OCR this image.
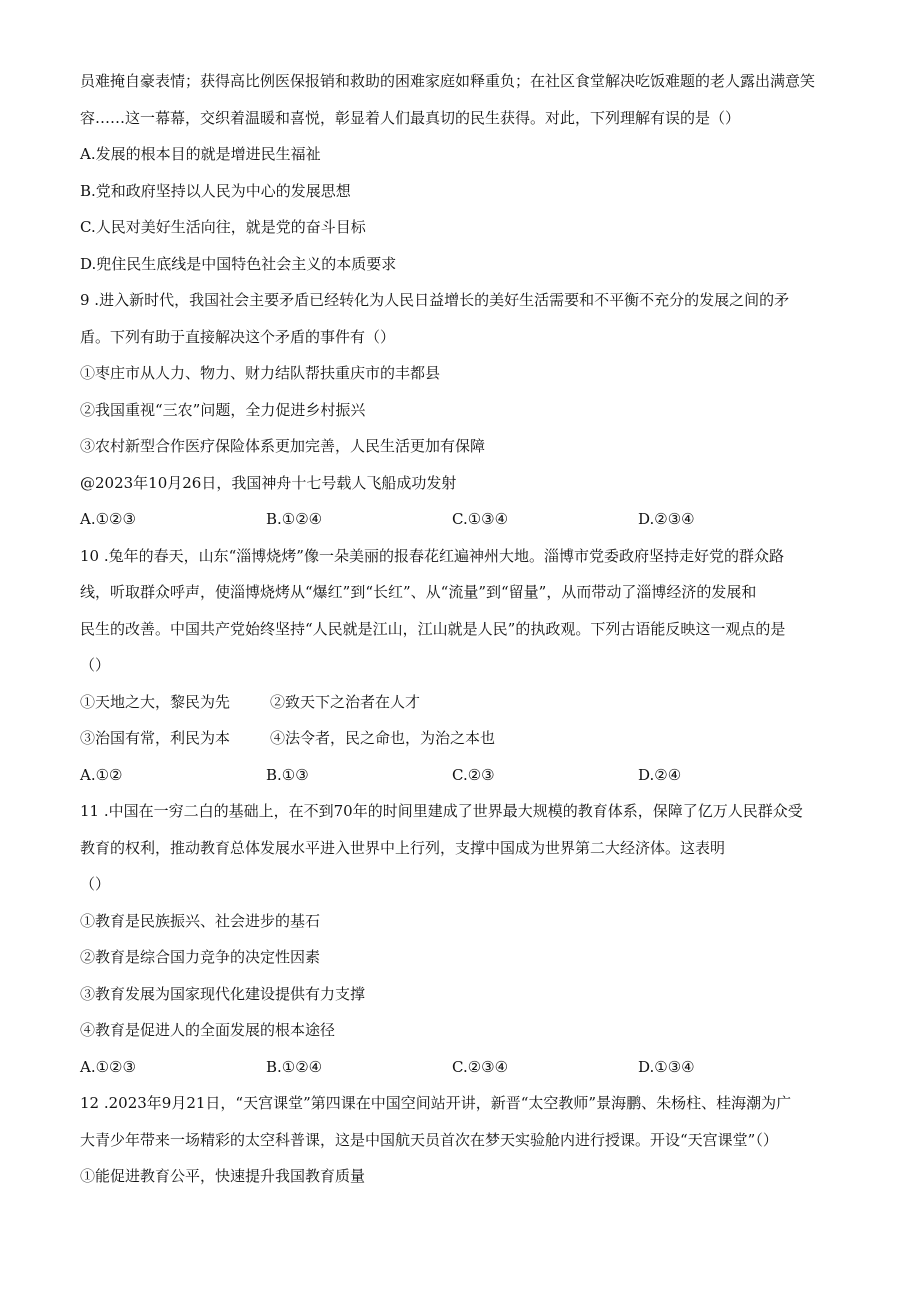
员难掩自豪表情；获得高比例医保报销和救助的困难家庭如释重负；在社区食堂解决吃饭难题的老人露出满意笑
容……这一幕幕，交织着温暖和喜悦，彰显着人们最真切的民生获得。对此，下列理解有误的是（）
A.发展的根本目的就是增进民生福祉
B.党和政府坚持以人民为中心的发展思想
C.人民对美好生活向往，就是党的奋斗目标
D.兜住民生底线是中国特色社会主义的本质要求
9 .进入新时代，我国社会主要矛盾已经转化为人民日益增长的美好生活需要和不平衡不充分的发展之间的矛
盾。下列有助于直接解决这个矛盾的事件有（）
①枣庄市从人力、物力、财力结队帮扶重庆市的丰都县
②我国重视“三农”问题，全力促进乡村振兴
③农村新型合作医疗保险体系更加完善，人民生活更加有保障
@2023年10月26日，我国神舟十七号载人飞船成功发射
A.①②③	B.①②④	C.①③④	D.②③④
10 .兔年的春天，山东“淄博烧烤”像一朵美丽的报春花红遍神州大地。淄博市党委政府坚持走好党的群众路
线，听取群众呼声，使淄博烧烤从“爆红”到“长红”、从“流量”到“留量”，从而带动了淄博经济的发展和
民生的改善。中国共产党始终坚持“人民就是江山，江山就是人民”的执政观。下列古语能反映这一观点的是
（）
①天地之大，黎民为先	②致天下之治者在人才
③治国有常，利民为本	④法令者，民之命也，为治之本也
A.①②	B.①③	C.②③	D.②④
11 .中国在一穷二白的基础上，在不到70年的时间里建成了世界最大规模的教育体系，保障了亿万人民群众受
教育的权利，推动教育总体发展水平进入世界中上行列，支撑中国成为世界第二大经济体。这表明
（）
①教育是民族振兴、社会进步的基石
②教育是综合国力竞争的决定性因素
③教育发展为国家现代化建设提供有力支撑
④教育是促进人的全面发展的根本途径
A.①②③	B.①②④	C.②③④	D.①③④
12 .2023年9月21日，“天宫课堂”第四课在中国空间站开讲，新晋“太空教师”景海鹏、朱杨柱、桂海潮为广
大青少年带来一场精彩的太空科普课，这是中国航天员首次在梦天实验舱内进行授课。开设“天宫课堂”（）
①能促进教育公平，快速提升我国教育质量
